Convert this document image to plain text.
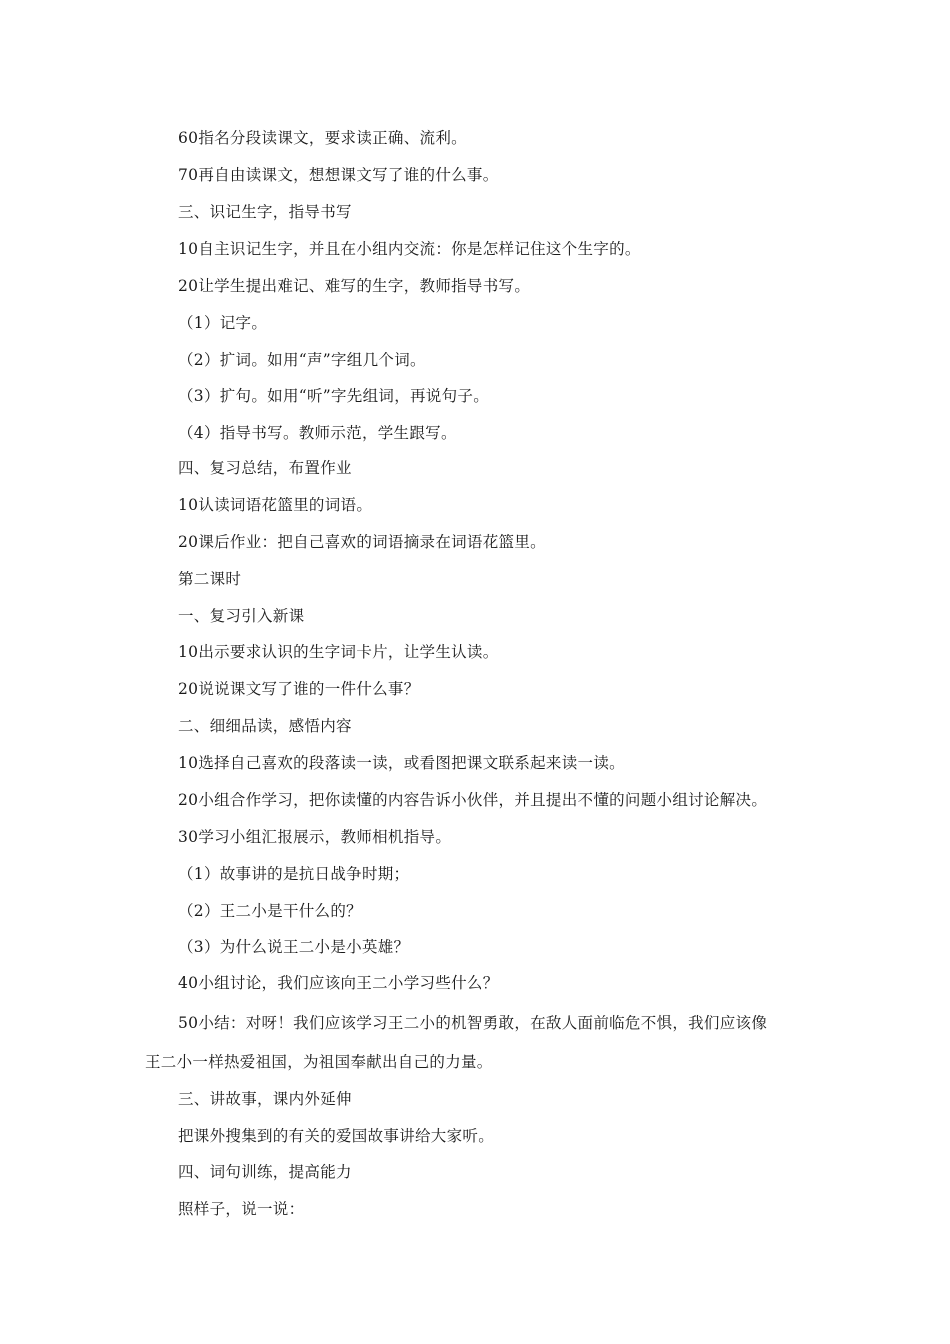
60指名分段读课文，要求读正确、流利。
70再自由读课文，想想课文写了谁的什么事。
三、识记生字，指导书写
10自主识记生字，并且在小组内交流：你是怎样记住这个生字的。
20让学生提出难记、难写的生字，教师指导书写。
（1）记字。
（2）扩词。如用“声”字组几个词。
（3）扩句。如用“听”字先组词，再说句子。
（4）指导书写。教师示范，学生跟写。
四、复习总结，布置作业
10认读词语花篮里的词语。
20课后作业：把自己喜欢的词语摘录在词语花篮里。
第二课时
一、复习引入新课
10出示要求认识的生字词卡片，让学生认读。
20说说课文写了谁的一件什么事？
二、细细品读，感悟内容
10选择自己喜欢的段落读一读，或看图把课文联系起来读一读。
20小组合作学习，把你读懂的内容告诉小伙伴，并且提出不懂的问题小组讨论解决。
30学习小组汇报展示，教师相机指导。
（1）故事讲的是抗日战争时期；
（2）王二小是干什么的？
（3）为什么说王二小是小英雄？
40小组讨论，我们应该向王二小学习些什么？
50小结：对呀！我们应该学习王二小的机智勇敢，在敌人面前临危不惧，我们应该像
王二小一样热爱祖国，为祖国奉献出自己的力量。
三、讲故事，课内外延伸
把课外搜集到的有关的爱国故事讲给大家听。
四、词句训练，提高能力
照样子，说一说：
